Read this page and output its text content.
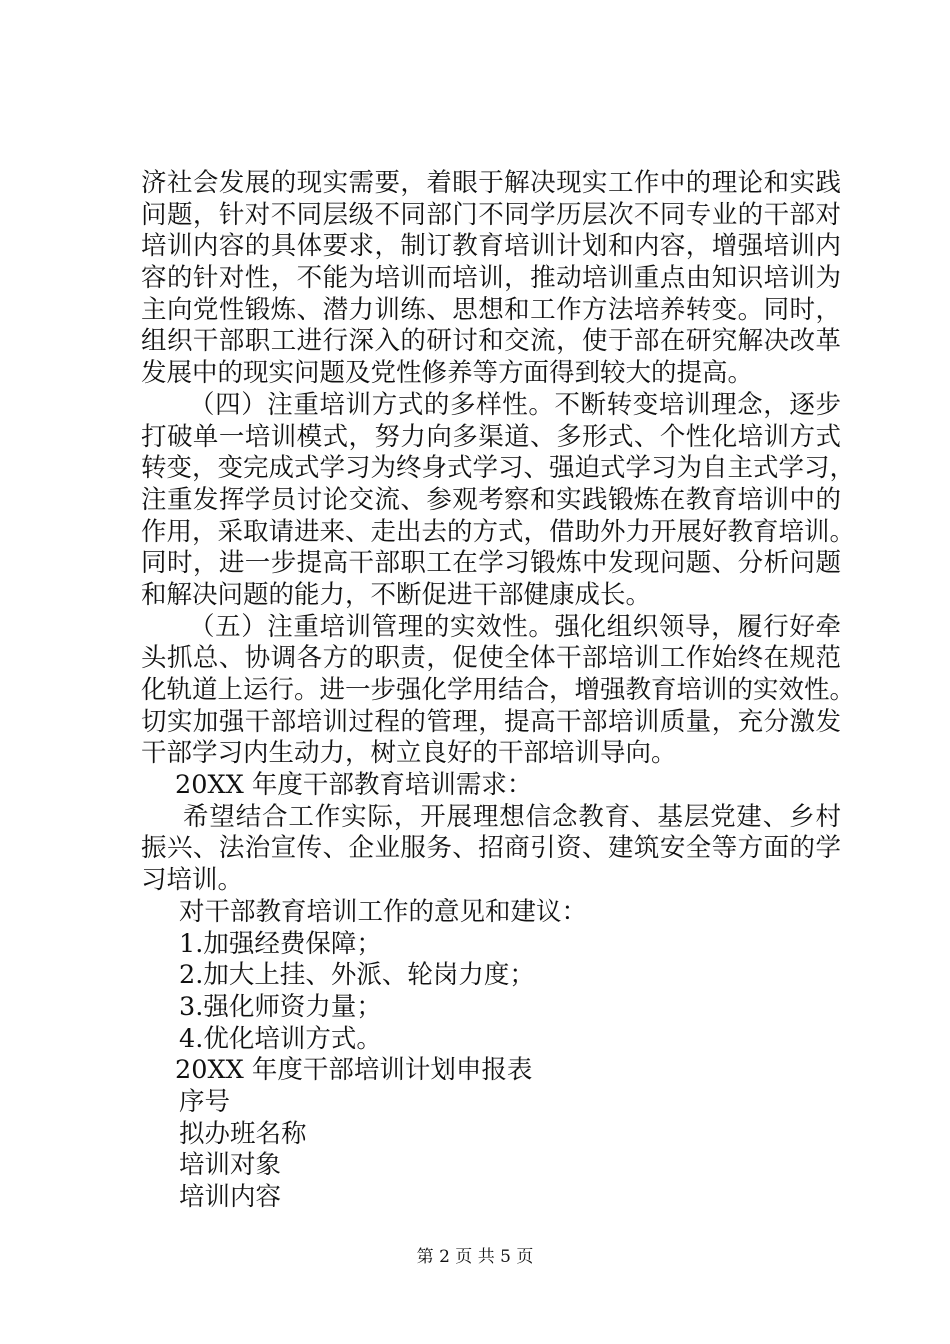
济社会发展的现实需要，着眼于解决现实工作中的理论和实践
问题，针对不同层级不同部门不同学历层次不同专业的干部对
培训内容的具体要求，制订教育培训计划和内容，增强培训内
容的针对性，不能为培训而培训，推动培训重点由知识培训为
主向党性锻炼、潜力训练、思想和工作方法培养转变。同时，
组织干部职工进行深入的研讨和交流，使于部在研究解决改革
发展中的现实问题及党性修养等方面得到较大的提高。
（四）注重培训方式的多样性。不断转变培训理念，逐步
打破单一培训模式，努力向多渠道、多形式、个性化培训方式
转变，变完成式学习为终身式学习、强迫式学习为自主式学习，
注重发挥学员讨论交流、参观考察和实践锻炼在教育培训中的
作用，采取请进来、走出去的方式，借助外力开展好教育培训。
同时，进一步提高干部职工在学习锻炼中发现问题、分析问题
和解决问题的能力，不断促进干部健康成长。
（五）注重培训管理的实效性。强化组织领导，履行好牵
头抓总、协调各方的职责，促使全体干部培训工作始终在规范
化轨道上运行。进一步强化学用结合，增强教育培训的实效性。
切实加强干部培训过程的管理，提高干部培训质量，充分激发
干部学习内生动力，树立良好的干部培训导向。
20XX 年度干部教育培训需求：
希望结合工作实际，开展理想信念教育、基层党建、乡村
振兴、法治宣传、企业服务、招商引资、建筑安全等方面的学
习培训。
对干部教育培训工作的意见和建议：
1.加强经费保障；
2.加大上挂、外派、轮岗力度；
3.强化师资力量；
4.优化培训方式。
20XX 年度干部培训计划申报表
序号
拟办班名称
培训对象
培训内容
第 2 页 共 5 页
